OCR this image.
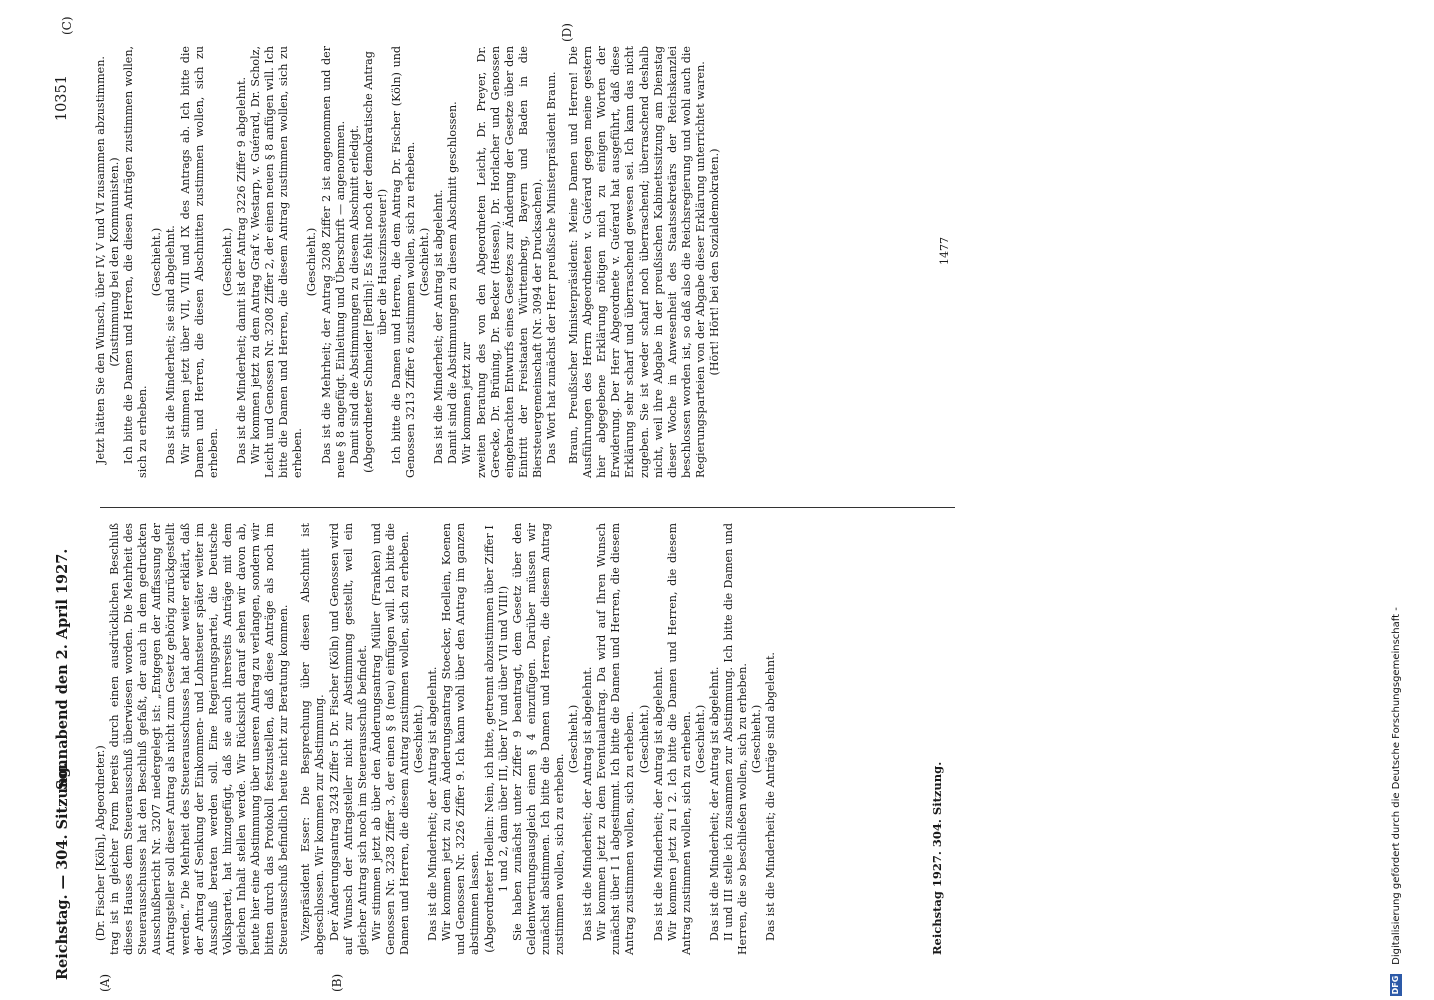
Reichstag. — 304. Sitzung.
Sonnabend den 2. April 1927.
10351
(A)	(B)
(C)	(D)

(Dr. Fischer [Köln], Abgeordneter.) trag ist in gleicher Form bereits durch einen ausdrücklichen Beschluß dieses Hauses dem Steuerausschuß überwiesen worden. Die Mehrheit des Steuerausschusses hat den Beschluß gefaßt, der auch in dem gedruckten Ausschußbericht Nr. 3207 niedergelegt ist: „Entgegen der Auffassung der Antragsteller soll dieser Antrag als nicht zum Gesetz gehörig zurückgestellt werden.“ Die Mehrheit des Steuerausschusses hat aber weiter erklärt, daß der Antrag auf Senkung der Einkommen- und Lohnsteuer später weiter im Ausschuß beraten werden soll. Eine Regierungspartei, die Deutsche Volkspartei, hat hinzugefügt, daß sie auch ihrerseits Anträge mit dem gleichen Inhalt stellen werde. Wir Rücksicht darauf sehen wir davon ab, heute hier eine Abstimmung über unseren Antrag zu verlangen, sondern wir bitten durch das Protokoll festzustellen, daß diese Anträge als noch im Steuerausschuß befindlich heute nicht zur Beratung kommen. Vizepräsident Esser: Die Besprechung über diesen Abschnitt ist abgeschlossen. Wir kommen zur Abstimmung. Der Änderungsantrag 3243 Ziffer 5 Dr. Fischer (Köln) und Genossen wird auf Wunsch der Antragsteller nicht zur Abstimmung gestellt, weil ein gleicher Antrag sich noch im Steuerausschuß befindet. Wir stimmen jetzt ab über den Änderungsantrag Müller (Franken) und Genossen Nr. 3238 Ziffer 3, der einen § 8 (neu) einfügen will. Ich bitte die Damen und Herren, die diesem Antrag zustimmen wollen, sich zu erheben. (Geschieht.) Das ist die Minderheit; der Antrag ist abgelehnt. Wir kommen jetzt zu dem Änderungsantrag Stoecker, Hoellein, Koenen und Genossen Nr. 3226 Ziffer 9. Ich kann wohl über den Antrag im ganzen abstimmen lassen. (Abgeordneter Hoellein: Nein, ich bitte, getrennt abzustimmen über Ziffer I 1 und 2, dann über III, über IV und über VII und VIII!) Sie haben zunächst unter Ziffer 9 beantragt, dem Gesetz über den Geldentwertungsausgleich einen § 4 einzufügen. Darüber müssen wir zunächst abstimmen. Ich bitte die Damen und Herren, die diesem Antrag zustimmen wollen, sich zu erheben.

(Geschieht.) Das ist die Minderheit; der Antrag ist abgelehnt. Wir kommen jetzt zu dem Eventualantrag. Da wird auf Ihren Wunsch zunächst über I 1 abgestimmt. Ich bitte die Damen und Herren, die diesem Antrag zustimmen wollen, sich zu erheben. (Geschieht.) Das ist die Minderheit; der Antrag ist abgelehnt. Wir kommen jetzt zu I 2. Ich bitte die Damen und Herren, die diesem Antrag zustimmen wollen, sich zu erheben. (Geschieht.) Das ist die Minderheit; der Antrag ist abgelehnt. II und III stelle ich zusammen zur Abstimmung. Ich bitte die Damen und Herren, die so beschließen wollen, sich zu erheben. (Geschieht.) Das ist die Minderheit; die Anträge sind abgelehnt.

Jetzt hätten Sie den Wunsch, über IV, V und VI zusammen abzustimmen. (Zustimmung bei den Kommunisten.) Ich bitte die Damen und Herren, die diesen Anträgen zustimmen wollen, sich zu erheben.

(Geschieht.) Das ist die Minderheit; sie sind abgelehnt. Wir stimmen jetzt über VII, VIII und IX des Antrags ab. Ich bitte die Damen und Herren, die diesen Abschnitten zustimmen wollen, sich zu erheben.

(Geschieht.) Das ist die Minderheit; damit ist der Antrag 3226 Ziffer 9 abgelehnt. Wir kommen jetzt zu dem Antrag Graf v. Westarp, v. Guérard, Dr. Scholz, Leicht und Genossen Nr. 3208 Ziffer 2, der einen neuen § 8 anfügen will. Ich bitte die Damen und Herren, die diesem Antrag zustimmen wollen, sich zu erheben.

(Geschieht.) Das ist die Mehrheit; der Antrag 3208 Ziffer 2 ist angenommen und der neue § 8 angefügt. Einleitung und Überschrift — angenommen. Damit sind die Abstimmungen zu diesem Abschnitt erledigt. (Abgeordneter Schneider [Berlin]: Es fehlt noch der demokratische Antrag über die Hauszinssteuer!) Ich bitte die Damen und Herren, die dem Antrag Dr. Fischer (Köln) und Genossen 3213 Ziffer 6 zustimmen wollen, sich zu erheben. (Geschieht.) Das ist die Minderheit; der Antrag ist abgelehnt. Damit sind die Abstimmungen zu diesem Abschnitt geschlossen. Wir kommen jetzt zur zweiten Beratung des von den Abgeordneten Leicht, Dr. Preyer, Dr. Gerecke, Dr. Brüning, Dr. Becker (Hessen), Dr. Horlacher und Genossen eingebrachten Entwurfs eines Gesetzes zur Änderung der Gesetze über den Eintritt der Freistaaten Württemberg, Bayern und Baden in die Biersteuergemeinschaft (Nr. 3094 der Drucksachen). Das Wort hat zunächst der Herr preußische Ministerpräsident Braun. Braun, Preußischer Ministerpräsident: Meine Damen und Herren! Die Ausführungen des Herrn Abgeordneten v. Guérard gegen meine gestern hier abgegebene Erklärung nötigen mich zu einigen Worten der Erwiderung. Der Herr Abgeordnete v. Guérard hat ausgeführt, daß diese Erklärung sehr scharf und überraschend gewesen sei. Ich kann das nicht zugeben. Sie ist weder scharf noch überraschend; überraschend deshalb nicht, weil ihre Abgabe in der preußischen Kabinettssitzung am Dienstag dieser Woche in Anwesenheit des Staatssekretärs der Reichskanzlei beschlossen worden ist, so daß also die Reichsregierung und wohl auch die Regierungsparteien von der Abgabe dieser Erklärung unterrichtet waren. (Hört! Hört! bei den Sozialdemokraten.)

Reichstag 1927. 304. Sitzung.
1477
DFG Digitalisierung gefördert durch die Deutsche Forschungsgemeinschaft -
